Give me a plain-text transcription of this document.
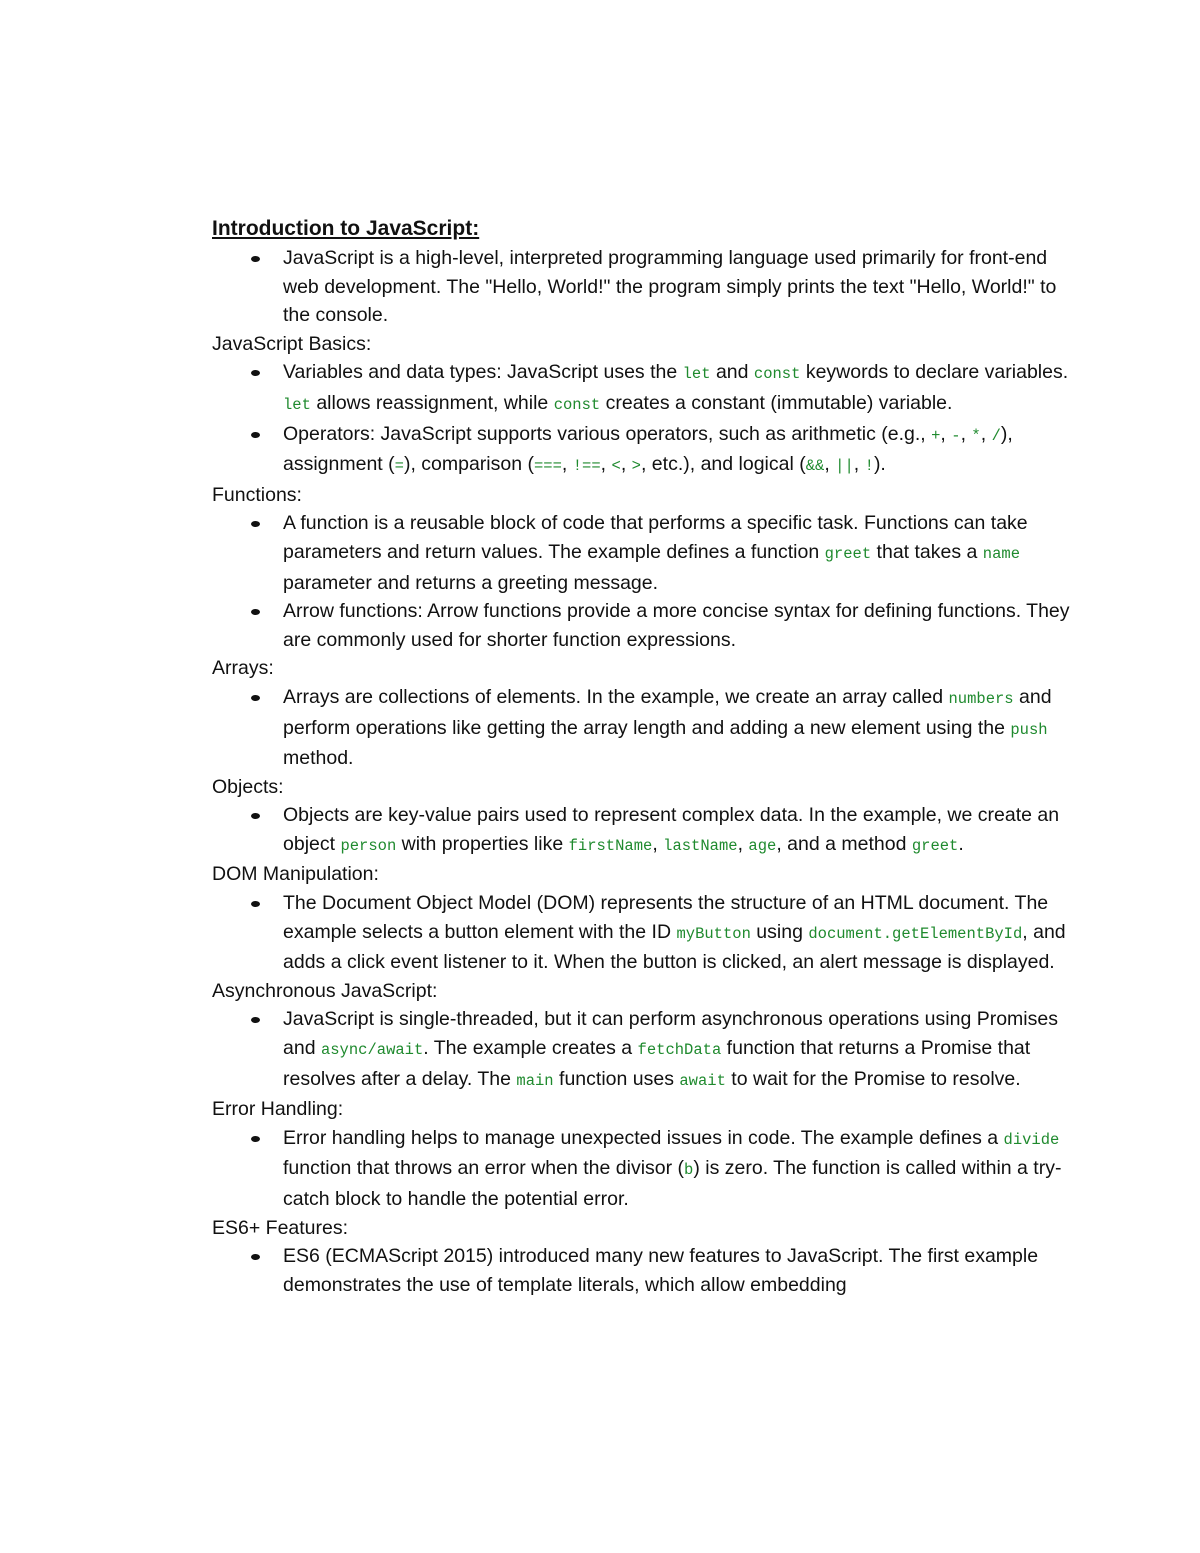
Introduction to JavaScript:
JavaScript is a high-level, interpreted programming language used primarily for front-end web development. The "Hello, World!" the program simply prints the text "Hello, World!" to the console.
JavaScript Basics:
Variables and data types: JavaScript uses the let and const keywords to declare variables. let allows reassignment, while const creates a constant (immutable) variable.
Operators: JavaScript supports various operators, such as arithmetic (e.g., +, -, *, /), assignment (=), comparison (===, !==, <, >, etc.), and logical (&&, ||, !).
Functions:
A function is a reusable block of code that performs a specific task. Functions can take parameters and return values. The example defines a function greet that takes a name parameter and returns a greeting message.
Arrow functions: Arrow functions provide a more concise syntax for defining functions. They are commonly used for shorter function expressions.
Arrays:
Arrays are collections of elements. In the example, we create an array called numbers and perform operations like getting the array length and adding a new element using the push method.
Objects:
Objects are key-value pairs used to represent complex data. In the example, we create an object person with properties like firstName, lastName, age, and a method greet.
DOM Manipulation:
The Document Object Model (DOM) represents the structure of an HTML document. The example selects a button element with the ID myButton using document.getElementById, and adds a click event listener to it. When the button is clicked, an alert message is displayed.
Asynchronous JavaScript:
JavaScript is single-threaded, but it can perform asynchronous operations using Promises and async/await. The example creates a fetchData function that returns a Promise that resolves after a delay. The main function uses await to wait for the Promise to resolve.
Error Handling:
Error handling helps to manage unexpected issues in code. The example defines a divide function that throws an error when the divisor (b) is zero. The function is called within a try-catch block to handle the potential error.
ES6+ Features:
ES6 (ECMAScript 2015) introduced many new features to JavaScript. The first example demonstrates the use of template literals, which allow embedding
